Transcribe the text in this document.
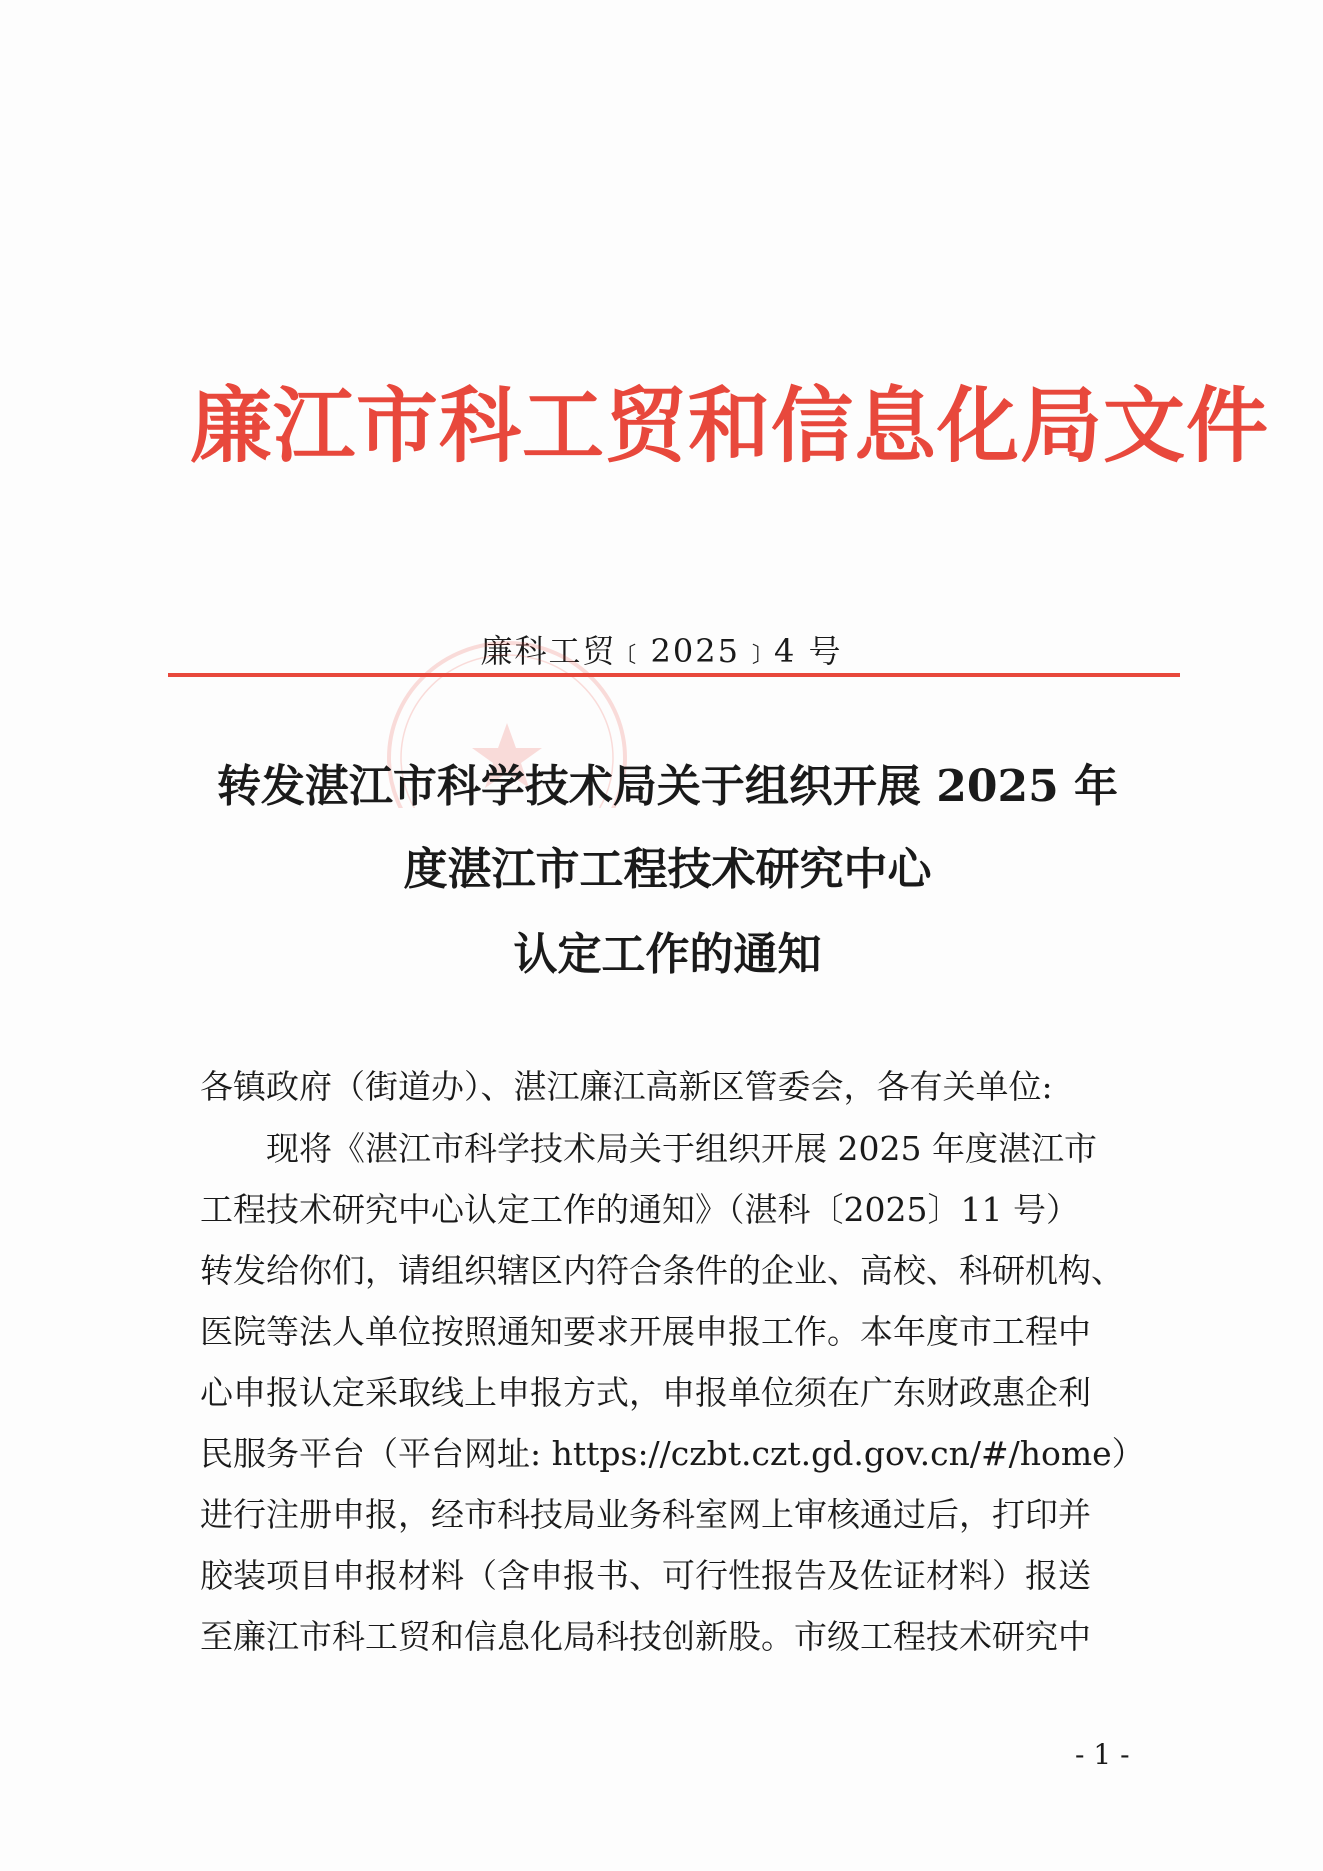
廉江市科工贸和信息化局文件
廉科工贸﹝2025﹞4 号
转发湛江市科学技术局关于组织开展 2025 年
度湛江市工程技术研究中心
认定工作的通知
各镇政府（街道办）、湛江廉江高新区管委会，各有关单位:
　　现将《湛江市科学技术局关于组织开展 2025 年度湛江市
工程技术研究中心认定工作的通知》（湛科〔2025〕11 号）
转发给你们，请组织辖区内符合条件的企业、高校、科研机构、
医院等法人单位按照通知要求开展申报工作。本年度市工程中
心申报认定采取线上申报方式，申报单位须在广东财政惠企利
民服务平台（平台网址: https://czbt.czt.gd.gov.cn/#/home）
进行注册申报，经市科技局业务科室网上审核通过后，打印并
胶装项目申报材料（含申报书、可行性报告及佐证材料）报送
至廉江市科工贸和信息化局科技创新股。市级工程技术研究中
- 1 -
